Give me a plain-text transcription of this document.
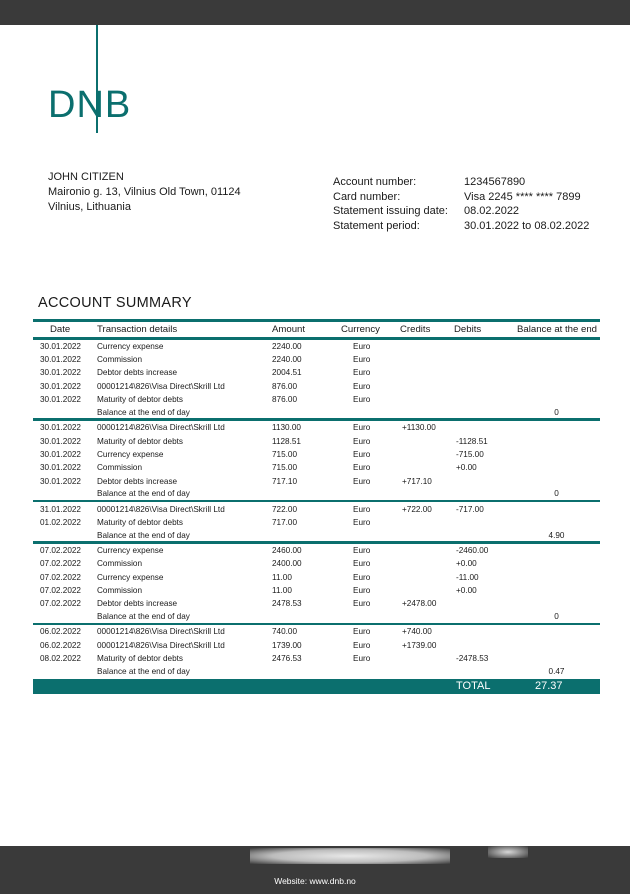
DNB
JOHN CITIZEN
Maironio g. 13, Vilnius Old Town, 01124
Vilnius, Lithuania
Account number:	1234567890
Card number:	Visa 2245 **** **** 7899
Statement issuing date:	08.02.2022
Statement period:	30.01.2022 to 08.02.2022
ACCOUNT SUMMARY
Date	Transaction details	Amount	Currency	Credits	Debits	Balance at the end

30.01.2022	Currency expense	2240.00	Euro			
30.01.2022	Commission	2240.00	Euro			
30.01.2022	Debtor debts increase	2004.51	Euro			
30.01.2022	00001214\826\Visa Direct\Skrill Ltd	876.00	Euro			
30.01.2022	Maturity of debtor debts	876.00	Euro			
	Balance at the end of day					0

30.01.2022	00001214\826\Visa Direct\Skrill Ltd	1130.00	Euro	+1130.00		
30.01.2022	Maturity of debtor debts	1128.51	Euro		-1128.51	
30.01.2022	Currency expense	715.00	Euro		-715.00	
30.01.2022	Commission	715.00	Euro		+0.00	
30.01.2022	Debtor debts increase	717.10	Euro	+717.10		
	Balance at the end of day					0

31.01.2022	00001214\826\Visa Direct\Skrill Ltd	722.00	Euro	+722.00	-717.00	
01.02.2022	Maturity of debtor debts	717.00	Euro			
	Balance at the end of day					4.90

07.02.2022	Currency expense	2460.00	Euro		-2460.00	
07.02.2022	Commission	2400.00	Euro		+0.00	
07.02.2022	Currency expense	11.00	Euro		-11.00	
07.02.2022	Commission	11.00	Euro		+0.00	
07.02.2022	Debtor debts increase	2478.53	Euro	+2478.00		
	Balance at the end of day					0

06.02.2022	00001214\826\Visa Direct\Skrill Ltd	740.00	Euro	+740.00		
06.02.2022	00001214\826\Visa Direct\Skrill Ltd	1739.00	Euro	+1739.00		
08.02.2022	Maturity of debtor debts	2476.53	Euro		-2478.53	
	Balance at the end of day					0.47
TOTAL	27.37
Website: www.dnb.no
